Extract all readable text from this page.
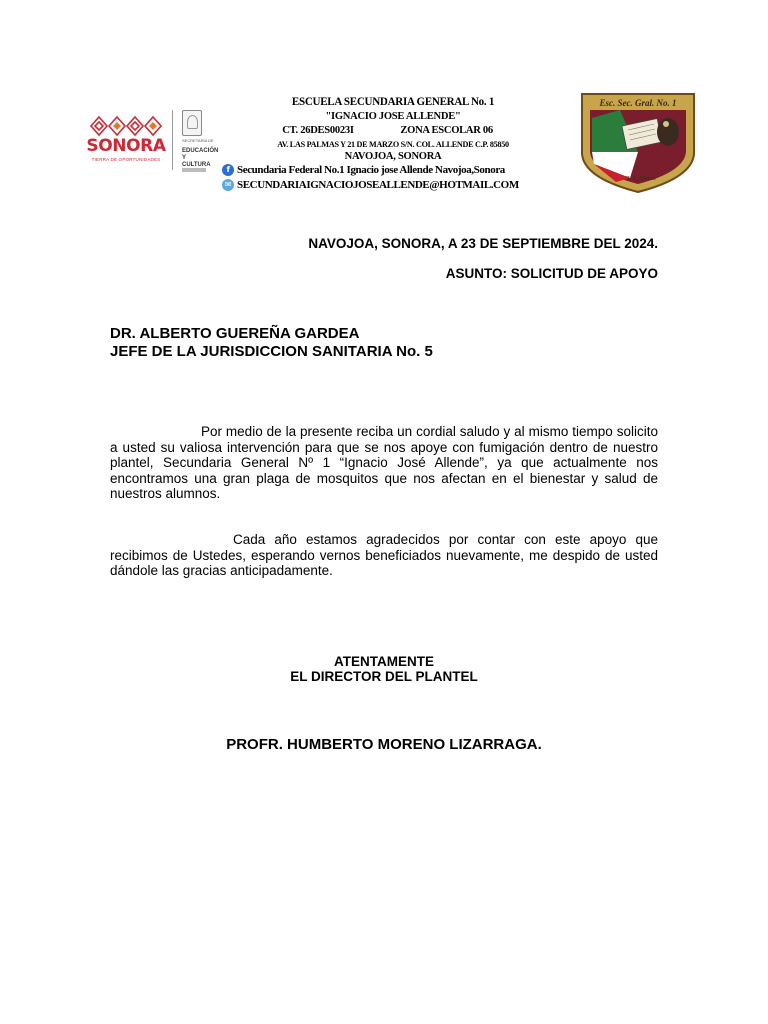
SONORA
TIERRA DE OPORTUNIDADES
SECRETARÍA DE
EDUCACIÓN Y CULTURA
ESCUELA SECUNDARIA GENERAL No. 1
"IGNACIO JOSE ALLENDE"
CT. 26DES0023I	ZONA ESCOLAR 06
AV. LAS PALMAS Y 21 DE MARZO S/N. COL. ALLENDE C.P. 85850
NAVOJOA, SONORA
f Secundaria Federal No.1 Ignacio jose Allende Navojoa,Sonora
✉ SECUNDARIAIGNACIOJOSEALLENDE@HOTMAIL.COM
Esc. Sec. Gral. No. 1
"I. J. Allende"
NAVOJOA, SONORA, A 23 DE SEPTIEMBRE DEL 2024.
ASUNTO: SOLICITUD DE APOYO
DR. ALBERTO GUEREÑA GARDEA
JEFE DE LA JURISDICCION SANITARIA No. 5

Por medio de la presente reciba un cordial saludo y al mismo tiempo solicito a usted su valiosa intervención para que se nos apoye con fumigación dentro de nuestro plantel, Secundaria General Nº 1 “Ignacio José Allende”, ya que actualmente nos encontramos una gran plaga de mosquitos que nos afectan en el bienestar y salud de nuestros alumnos.

Cada año estamos agradecidos por contar con este apoyo que recibimos de Ustedes, esperando vernos beneficiados nuevamente, me despido de usted dándole las gracias anticipadamente.

ATENTAMENTE
EL DIRECTOR DEL PLANTEL
PROFR. HUMBERTO MORENO LIZARRAGA.
